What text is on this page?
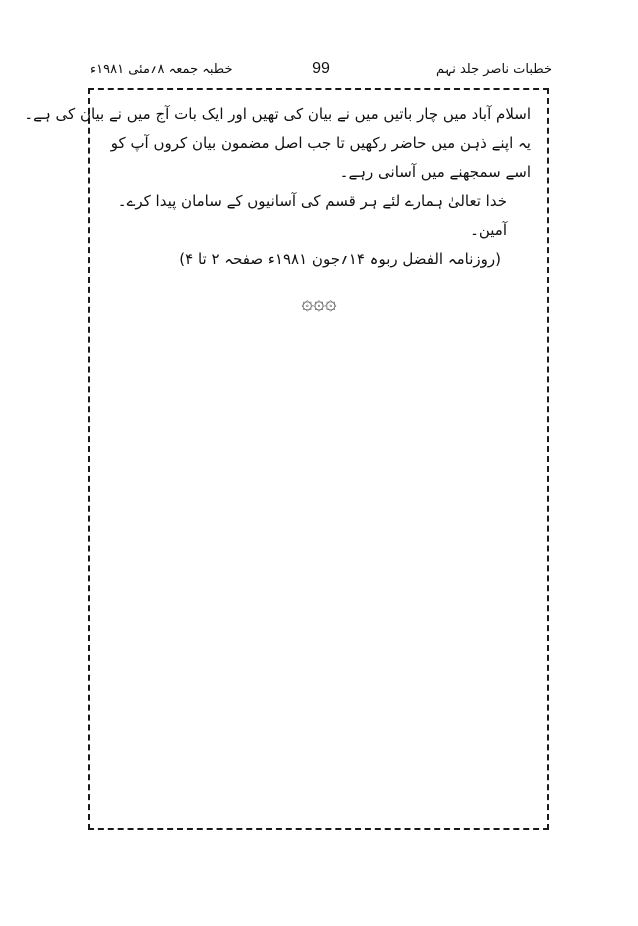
خطبات ناصر جلد نہم
99
خطبہ جمعہ ۸؍مئی ۱۹۸۱ء

اسلام آباد میں چار باتیں میں نے بیان کی تھیں اور ایک بات آج میں نے بیان کی ہے۔

یہ اپنے ذہن میں حاضر رکھیں تا جب اصل مضمون بیان کروں آپ کو اسے سمجھنے میں آسانی رہے۔

خدا تعالیٰ ہمارے لئے ہر قسم کی آسانیوں کے سامان پیدا کرے۔ آمین۔

(روزنامہ الفضل ربوہ ۱۴؍جون ۱۹۸۱ء صفحہ ۲ تا ۴)

۞۞۞
